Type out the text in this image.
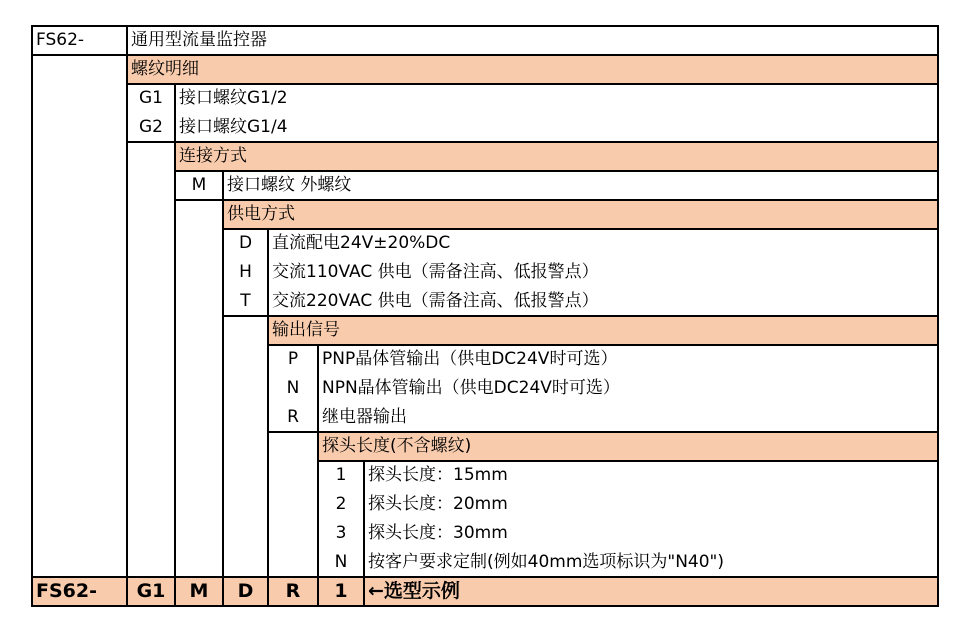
FS62-	通用型流量监控器
螺纹明细
G1 接口螺纹G1/2
G2 接口螺纹G1/4
连接方式
M	接口螺纹 外螺纹
供电方式
D	直流配电24V±20%DC
H	交流110VAC 供电（需备注高、低报警点）
T	交流220VAC 供电（需备注高、低报警点）
输出信号
P	PNP晶体管输出（供电DC24V时可选）
N	NPN晶体管输出（供电DC24V时可选）
R	继电器输出
探头长度(不含螺纹)
1	探头长度：15mm
2	探头长度：20mm
3	探头长度：30mm
N	按客户要求定制(例如40mm选项标识为"N40")
FS62-	G1	M	D	R	1	←选型示例
